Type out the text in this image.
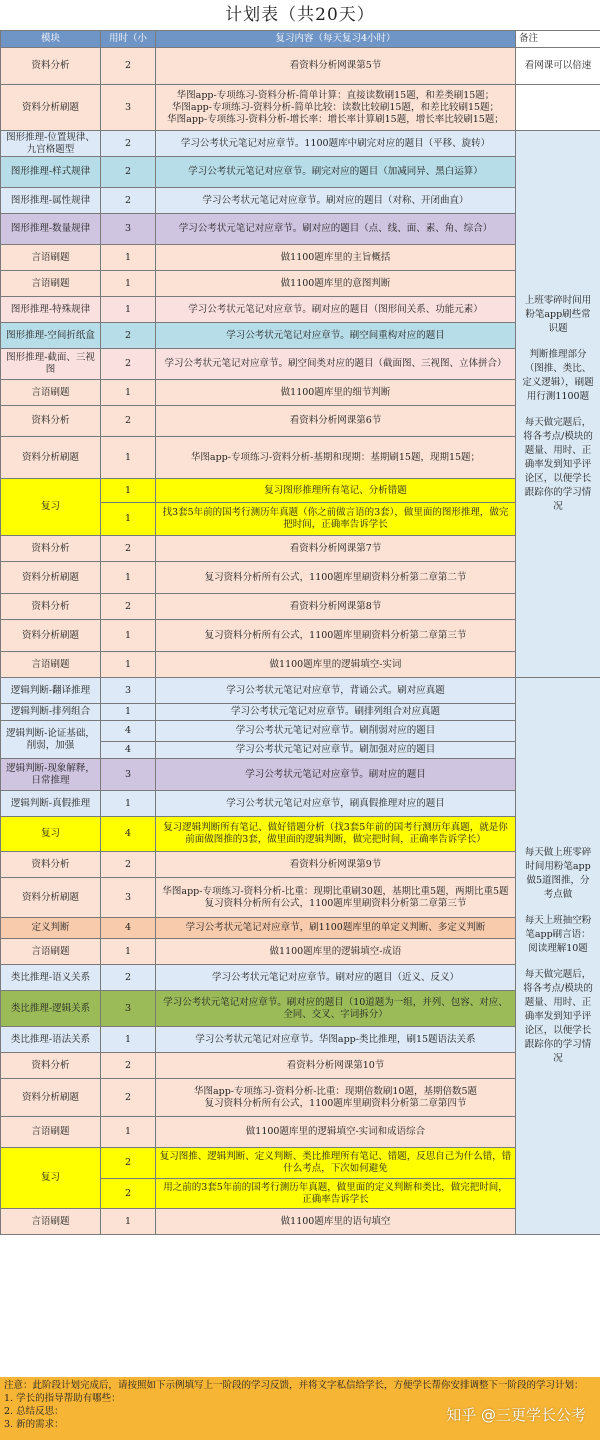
计划表（共20天）
模块	用时（小	复习内容（每天复习4小时）	备注
资料分析	2	看资料分析网课第5节	看网课可以倍速
资料分析刷题	3	华图app-专项练习-资料分析-简单计算：直接读数刷15题，和差类刷15题；
华图app-专项练习-资料分析-简单比较：读数比较刷15题，和差比较刷15题；
华图app-专项练习-资料分析-增长率：增长率计算刷15题，增长率比较刷15题；	
图形推理-位置规律、九宫格题型	2	学习公考状元笔记对应章节。1100题库中刷完对应的题目（平移、旋转）	上班零碎时间用粉笔app刷些常识题
判断推理部分（图推、类比、定义逻辑），刷题用行测1100题
每天做完题后，将各考点/模块的题量、用时、正确率发到知乎评论区，以便学长跟踪你的学习情况

图形推理-样式规律	2	学习公考状元笔记对应章节。刷完对应的题目（加减同异、黑白运算）	
图形推理-属性规律	2	学习公考状元笔记对应章节。刷对应的题目（对称、开闭曲直）	
图形推理-数量规律	3	学习公考状元笔记对应章节。刷对应的题目（点、线、面、素、角、综合）	
言语刷题	1	做1100题库里的主旨概括	
言语刷题	1	做1100题库里的意图判断	
图形推理-特殊规律	1	学习公考状元笔记对应章节。刷对应的题目（图形间关系、功能元素）	
图形推理-空间折纸盒	2	学习公考状元笔记对应章节。刷空间重构对应的题目	
图形推理-截面、三视图	2	学习公考状元笔记对应章节。刷空间类对应的题目（截面图、三视图、立体拼合）	
言语刷题	1	做1100题库里的细节判断	
资料分析	2	看资料分析网课第6节	
资料分析刷题	1	华图app-专项练习-资料分析-基期和现期：基期刷15题，现期15题；	
复习	1	复习图形推理所有笔记、分析错题	
	1	找3套5年前的国考行测历年真题（你之前做言语的3套），做里面的图形推理，做完把时间，正确率告诉学长	
资料分析	2	看资料分析网课第7节	
资料分析刷题	1	复习资料分析所有公式，1100题库里刷资料分析第二章第二节	
资料分析	2	看资料分析网课第8节	
资料分析刷题	1	复习资料分析所有公式，1100题库里刷资料分析第二章第三节	
言语刷题	1	做1100题库里的逻辑填空-实词	
逻辑判断-翻译推理	3	学习公考状元笔记对应章节，背诵公式。刷对应真题	每天做上班零碎时间用粉笔app做5道图推，分考点做
每天上班抽空粉笔app刷言语：阅读理解10题
每天做完题后，将各考点/模块的题量、用时、正确率发到知乎评论区，以便学长跟踪你的学习情况

逻辑判断-排列组合	1	学习公考状元笔记对应章节。刷排列组合对应真题	
逻辑判断-论证基础，削弱，加强	4	学习公考状元笔记对应章节。刷削弱对应的题目	
	4	学习公考状元笔记对应章节。刷加强对应的题目	
逻辑判断-现象解释，日常推理	3	学习公考状元笔记对应章节。刷对应的题目	
逻辑判断-真假推理	1	学习公考状元笔记对应章节，刷真假推理对应的题目	
复习	4	复习逻辑判断所有笔记、做好错题分析（找3套5年前的国考行测历年真题，就是你前面做图推的3套，做里面的逻辑判断，做完把时间，正确率告诉学长）	
资料分析	2	看资料分析网课第9节	
资料分析刷题	3	华图app-专项练习-资料分析-比重：现期比重刷30题，基期比重5题，两期比重5题
复习资料分析所有公式，1100题库里刷资料分析第二章第三节	
定义判断	4	学习公考状元笔记对应章节，刷1100题库里的单定义判断、多定义判断	
言语刷题	1	做1100题库里的逻辑填空-成语	
类比推理-语义关系	2	学习公考状元笔记对应章节。刷对应的题目（近义、反义）	
类比推理-逻辑关系	3	学习公考状元笔记对应章节。刷对应的题目（10道题为一组，并列、包容、对应、全同、交叉、字词拆分）	
类比推理-语法关系	1	学习公考状元笔记对应章节。华图app-类比推理，刷15题语法关系	
资料分析	2	看资料分析网课第10节	
资料分析刷题	2	华图app-专项练习-资料分析-比重：现期倍数刷10题，基期倍数5题
复习资料分析所有公式，1100题库里刷资料分析第二章第四节	
言语刷题	1	做1100题库里的逻辑填空-实词和成语综合	
复习	2	复习图推、逻辑判断、定义判断、类比推理所有笔记、错题，反思自己为什么错，错什么考点，下次如何避免	
	2	用之前的3套5年前的国考行测历年真题，做里面的定义判断和类比，做完把时间，正确率告诉学长	
言语刷题	1	做1100题库里的语句填空	
注意：此阶段计划完成后，请按照如下示例填写上一阶段的学习反馈，并将文字私信给学长，方便学长帮你安排调整下一阶段的学习计划：
1. 学长的指导帮助有哪些：
2. 总结反思：
3. 新的需求：
知乎 @三更学长公考
